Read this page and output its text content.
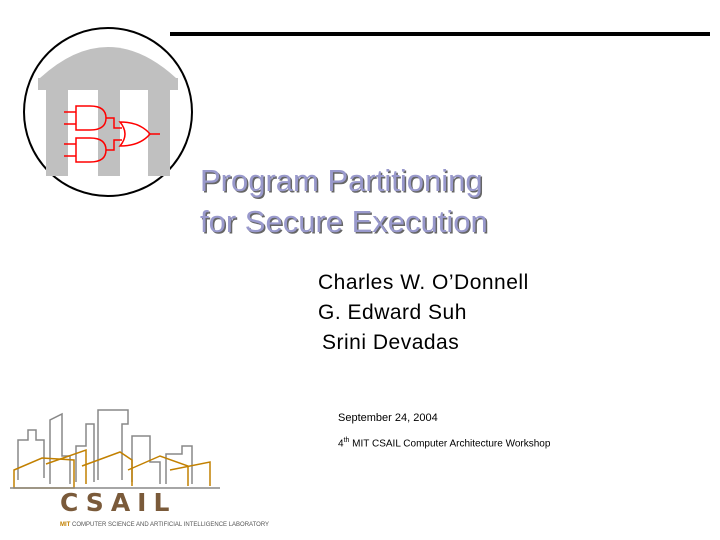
Program Partitioning
for Secure Execution
Charles W. O’Donnell
G. Edward Suh
Srini Devadas
September 24, 2004
4th MIT CSAIL Computer Architecture Workshop
CSAIL
MIT COMPUTER SCIENCE AND ARTIFICIAL INTELLIGENCE LABORATORY
